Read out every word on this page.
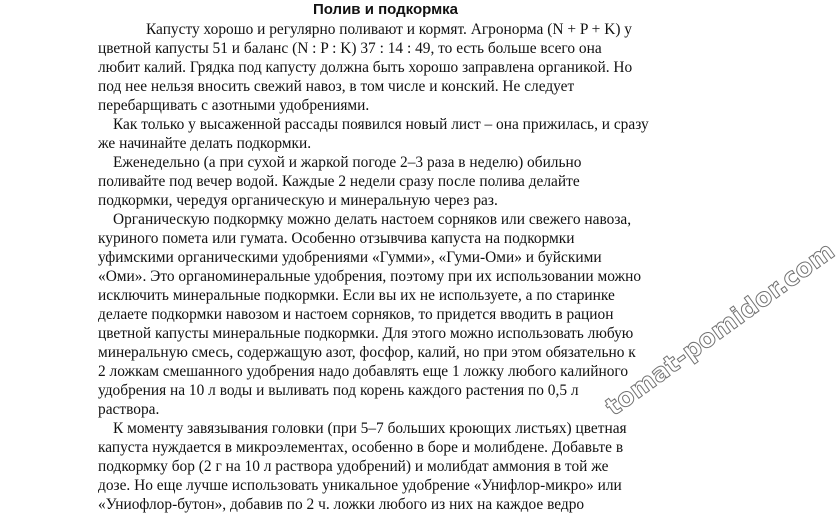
Полив и подкормка
Капусту хорошо и регулярно поливают и кормят. Агронорма (N + P + K) у
цветной капусты 51 и баланс (N : P : K) 37 : 14 : 49, то есть больше всего она
любит калий. Грядка под капусту должна быть хорошо заправлена органикой. Но
под нее нельзя вносить свежий навоз, в том числе и конский. Не следует
перебарщивать с азотными удобрениями.
Как только у высаженной рассады появился новый лист – она прижилась, и сразу
же начинайте делать подкормки.
Еженедельно (а при сухой и жаркой погоде 2–3 раза в неделю) обильно
поливайте под вечер водой. Каждые 2 недели сразу после полива делайте
подкормки, чередуя органическую и минеральную через раз.
Органическую подкормку можно делать настоем сорняков или свежего навоза,
куриного помета или гумата. Особенно отзывчива капуста на подкормки
уфимскими органическими удобрениями «Гумми», «Гуми-Оми» и буйскими
«Оми». Это органоминеральные удобрения, поэтому при их использовании можно
исключить минеральные подкормки. Если вы их не используете, а по старинке
делаете подкормки навозом и настоем сорняков, то придется вводить в рацион
цветной капусты минеральные подкормки. Для этого можно использовать любую
минеральную смесь, содержащую азот, фосфор, калий, но при этом обязательно к
2 ложкам смешанного удобрения надо добавлять еще 1 ложку любого калийного
удобрения на 10 л воды и выливать под корень каждого растения по 0,5 л
раствора.
К моменту завязывания головки (при 5–7 больших кроющих листьях) цветная
капуста нуждается в микроэлементах, особенно в боре и молибдене. Добавьте в
подкормку бор (2 г на 10 л раствора удобрений) и молибдат аммония в той же
дозе. Но еще лучше использовать уникальное удобрение «Унифлор-микро» или
«Униофлор-бутон», добавив по 2 ч. ложки любого из них на каждое ведро
tomat-pomidor.com
